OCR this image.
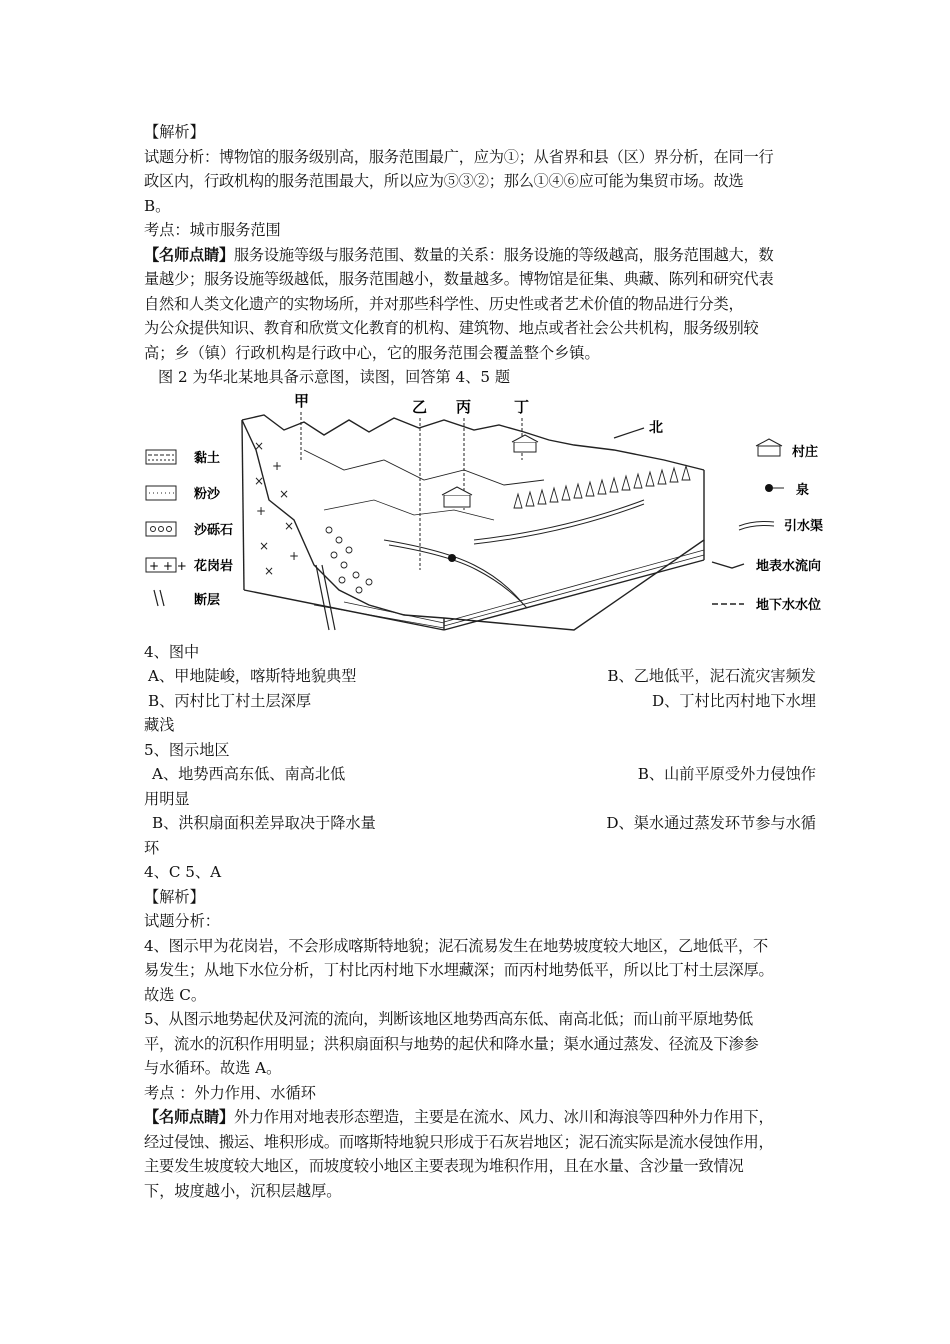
【解析】

试题分析：博物馆的服务级别高，服务范围最广，应为①；从省界和县（区）界分析，在同一行

政区内，行政机构的服务范围最大，所以应为⑤③②；那么①④⑥应可能为集贸市场。故选

B。

考点：城市服务范围

【名师点睛】服务设施等级与服务范围、数量的关系：服务设施的等级越高，服务范围越大，数

量越少；服务设施等级越低，服务范围越小，数量越多。博物馆是征集、典藏、陈列和研究代表

自然和人类文化遗产的实物场所，并对那些科学性、历史性或者艺术价值的物品进行分类，

为公众提供知识、教育和欣赏文化教育的机构、建筑物、地点或者社会公共机构，服务级别较

高；乡（镇）行政机构是行政中心，它的服务范围会覆盖整个乡镇。

图 2 为华北某地具备示意图，读图，回答第 4、5 题

甲	乙 丙	丁
×
+
×
×
+
×
×
+
×
北
黏土
粉沙
沙砾石
+ + + 花岗岩
断层
村庄
泉
引水渠
地表水流向
地下水水位

4、图中

A、甲地陡峻，喀斯特地貌典型	B、乙地低平，泥石流灾害频发
B、丙村比丁村土层深厚	D、丁村比丙村地下水埋

藏浅

5、图示地区

A、地势西高东低、南高北低	B、山前平原受外力侵蚀作

用明显

B、洪积扇面积差异取决于降水量	D、渠水通过蒸发环节参与水循

环

4、C 5、A

【解析】

试题分析：

4、图示甲为花岗岩，不会形成喀斯特地貌；泥石流易发生在地势坡度较大地区，乙地低平，不

易发生；从地下水位分析，丁村比丙村地下水埋藏深；而丙村地势低平，所以比丁村土层深厚。

故选 C。

5、从图示地势起伏及河流的流向，判断该地区地势西高东低、南高北低；而山前平原地势低

平，流水的沉积作用明显；洪积扇面积与地势的起伏和降水量；渠水通过蒸发、径流及下渗参

与水循环。故选 A。

考点 ：外力作用、水循环

【名师点睛】外力作用对地表形态塑造，主要是在流水、风力、冰川和海浪等四种外力作用下，

经过侵蚀、搬运、堆积形成。而喀斯特地貌只形成于石灰岩地区；泥石流实际是流水侵蚀作用，

主要发生坡度较大地区，而坡度较小地区主要表现为堆积作用，且在水量、含沙量一致情况

下，坡度越小，沉积层越厚。
